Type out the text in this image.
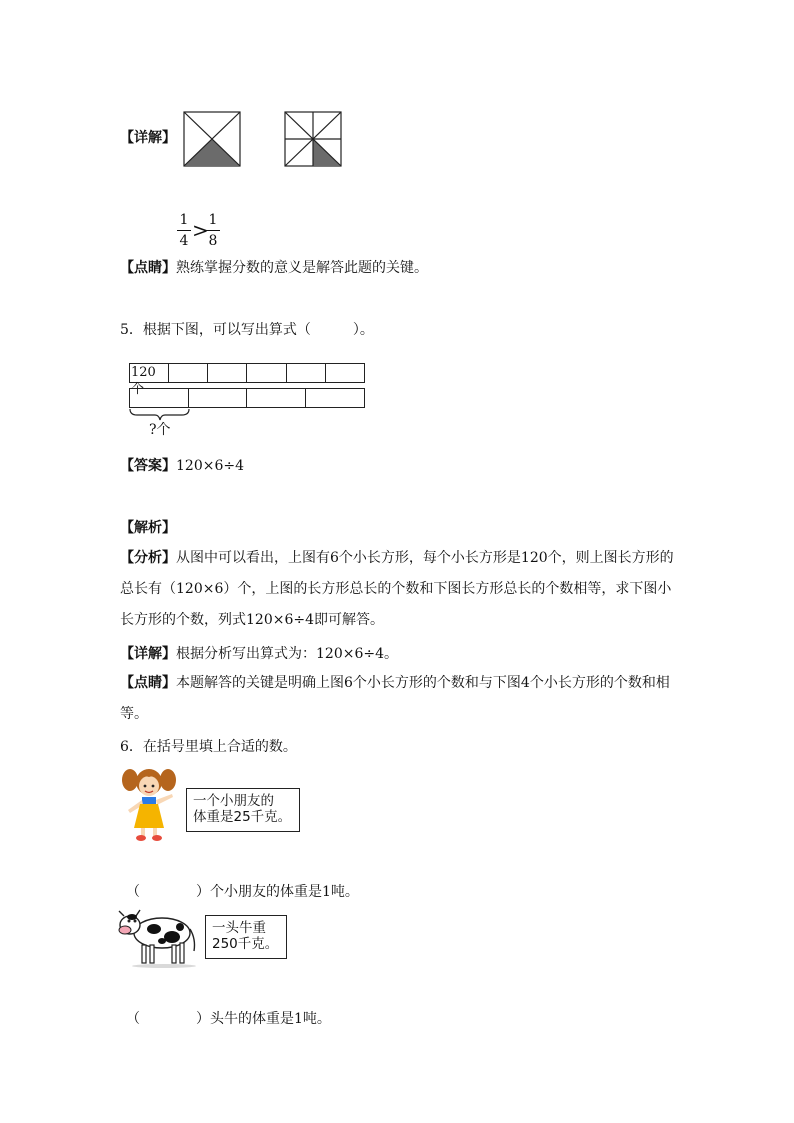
【详解】
1
4 > 1
8
【点睛】熟练掌握分数的意义是解答此题的关键。
5．根据下图，可以写出算式（　　　）。
120个
?个
【答案】120×6÷4
【解析】
【分析】从图中可以看出，上图有6个小长方形，每个小长方形是120个，则上图长方形的总长有（120×6）个，上图的长方形总长的个数和下图长方形总长的个数相等，求下图小长方形的个数，列式120×6÷4即可解答。
【详解】根据分析写出算式为：120×6÷4。
【点睛】本题解答的关键是明确上图6个小长方形的个数和与下图4个小长方形的个数和相等。
6．在括号里填上合适的数。
一个小朋友的
体重是25千克。
（　　　　）个小朋友的体重是1吨。
一头牛重
250千克。
（　　　　）头牛的体重是1吨。
